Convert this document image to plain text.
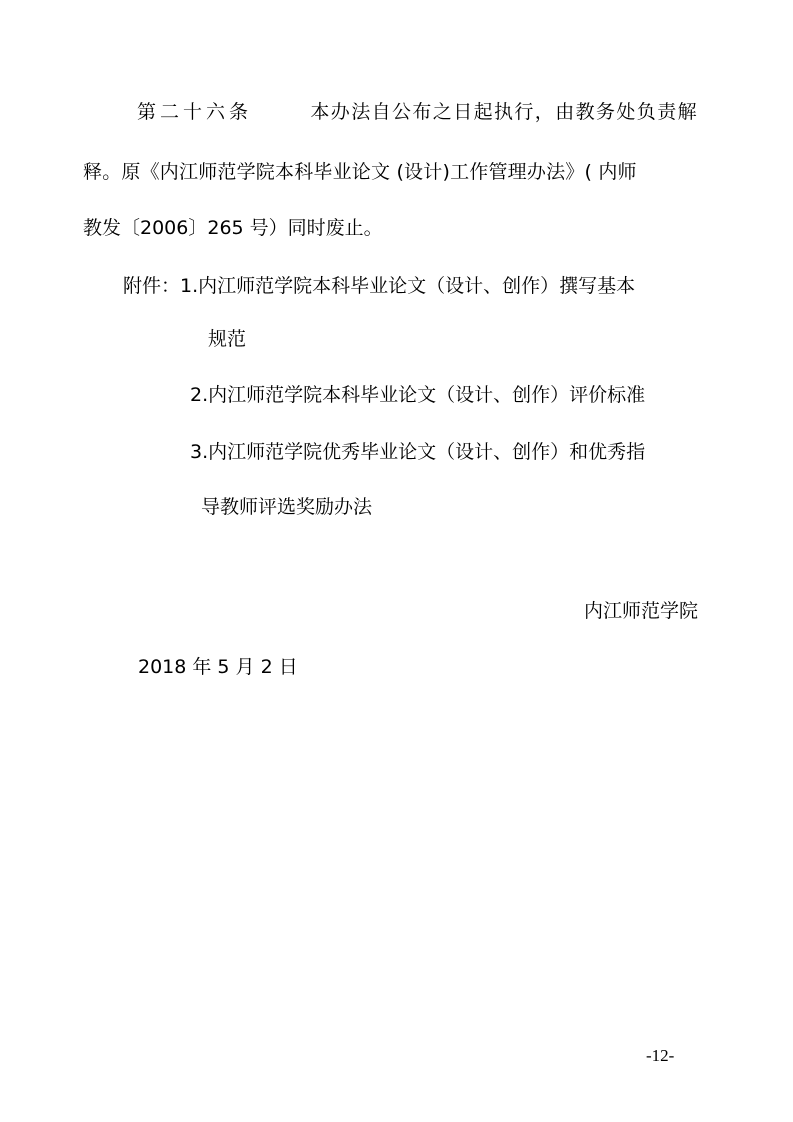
第二十六条	本办法自公布之日起执行，由教务处负责解
释。原《内江师范学院本科毕业论文 (设计)工作管理办法》( 内师
教发〔2006〕265 号）同时废止。
附件：1.内江师范学院本科毕业论文（设计、创作）撰写基本
规范
2.内江师范学院本科毕业论文（设计、创作）评价标准
3.内江师范学院优秀毕业论文（设计、创作）和优秀指
导教师评选奖励办法
内江师范学院
2018 年 5 月 2 日
-12-
